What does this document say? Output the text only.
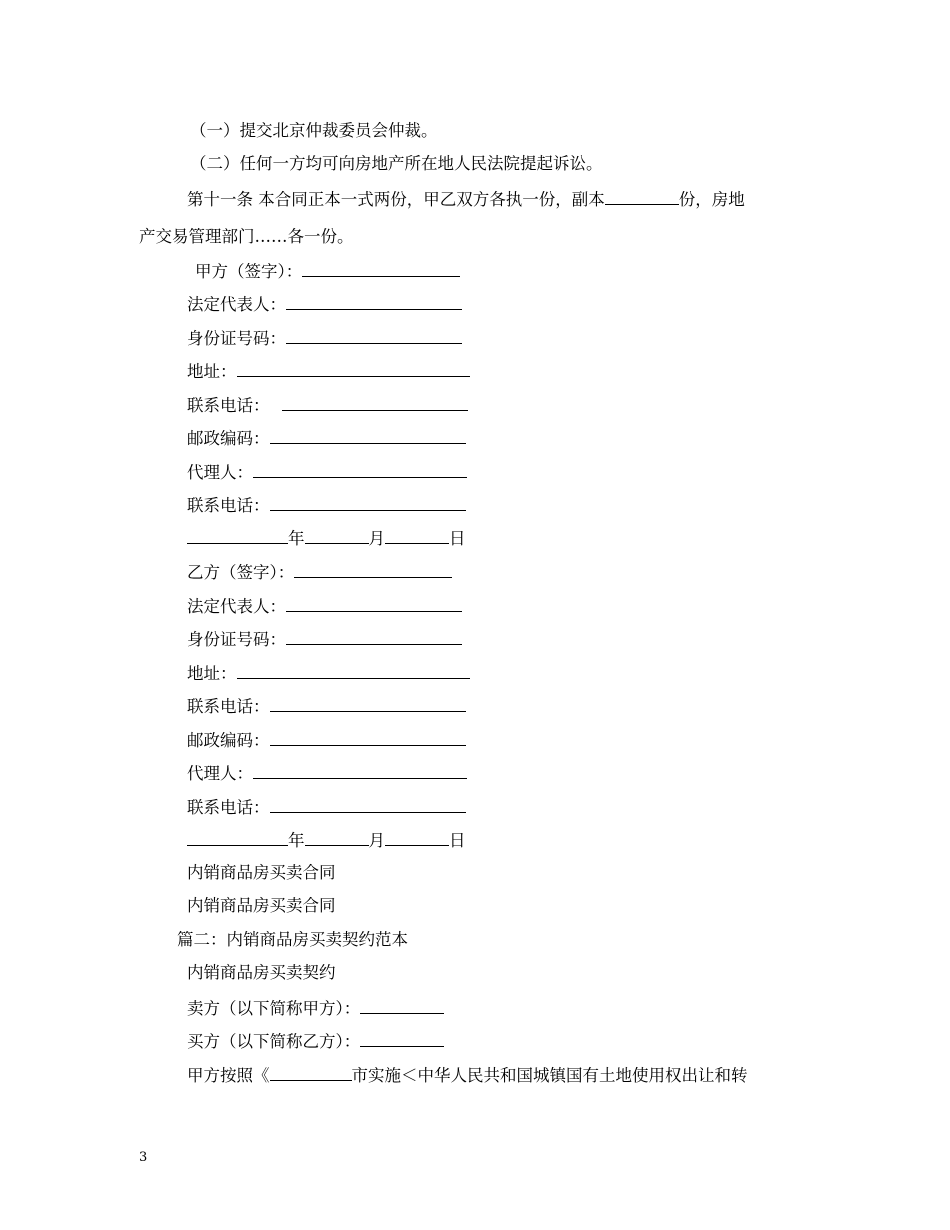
（一）提交北京仲裁委员会仲裁。
（二）任何一方均可向房地产所在地人民法院提起诉讼。
第十一条 本合同正本一式两份，甲乙双方各执一份，副本	份，房地
产交易管理部门……各一份。
甲方（签字）：
法定代表人：
身份证号码：
地址：
联系电话：
邮政编码：
代理人：
联系电话：
年	月	日
乙方（签字）：
法定代表人：
身份证号码：
地址：
联系电话：
邮政编码：
代理人：
联系电话：
年	月	日
内销商品房买卖合同
内销商品房买卖合同
篇二：内销商品房买卖契约范本
内销商品房买卖契约
卖方（以下简称甲方）：
买方（以下简称乙方）：
甲方按照《	市实施＜中华人民共和国城镇国有土地使用权出让和转
3
